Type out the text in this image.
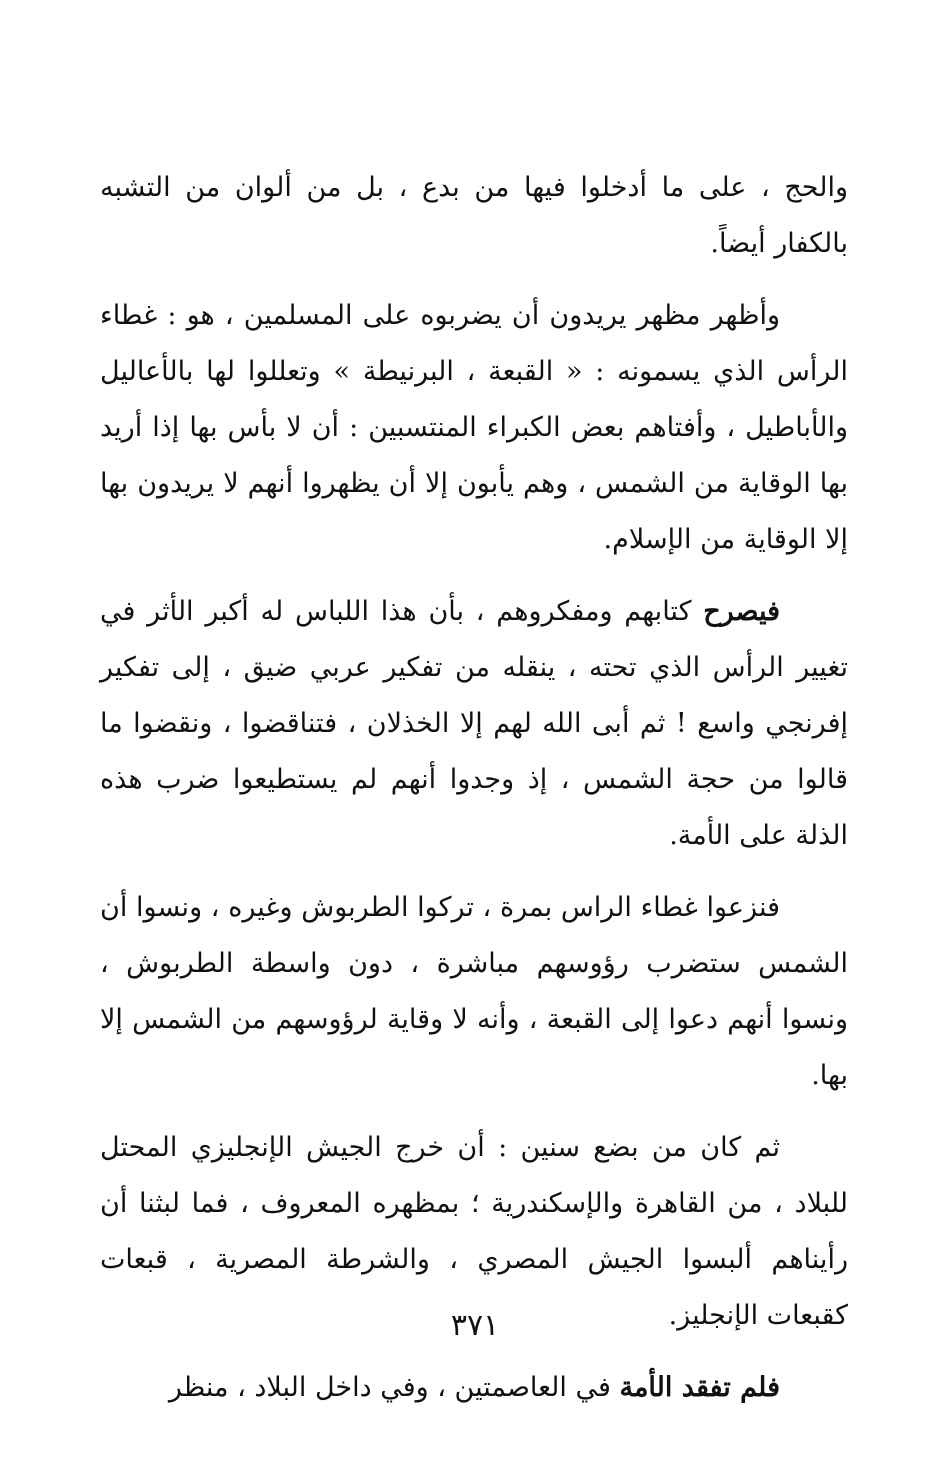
والحج ، على ما أدخلوا فيها من بدع ، بل من ألوان من التشبه بالكفار أيضاً.

وأظهر مظهر يريدون أن يضربوه على المسلمين ، هو : غطاء الرأس الذي يسمونه : « القبعة ، البرنيطة » وتعللوا لها بالأعاليل والأباطيل ، وأفتاهم بعض الكبراء المنتسبين : أن لا بأس بها إذا أريد بها الوقاية من الشمس ، وهم يأبون إلا أن يظهروا أنهم لا يريدون بها إلا الوقاية من الإسلام.

فيصرح كتابهم ومفكروهم ، بأن هذا اللباس له أكبر الأثر في تغيير الرأس الذي تحته ، ينقله من تفكير عربي ضيق ، إلى تفكير إفرنجي واسع ! ثم أبى الله لهم إلا الخذلان ، فتناقضوا ، ونقضوا ما قالوا من حجة الشمس ، إذ وجدوا أنهم لم يستطيعوا ضرب هذه الذلة على الأمة.

فنزعوا غطاء الراس بمرة ، تركوا الطربوش وغيره ، ونسوا أن الشمس ستضرب رؤوسهم مباشرة ، دون واسطة الطربوش ، ونسوا أنهم دعوا إلى القبعة ، وأنه لا وقاية لرؤوسهم من الشمس إلا بها.

ثم كان من بضع سنين : أن خرج الجيش الإنجليزي المحتل للبلاد ، من القاهرة والإسكندرية ؛ بمظهره المعروف ، فما لبثنا أن رأيناهم ألبسوا الجيش المصري ، والشرطة المصرية ، قبعات كقبعات الإنجليز.

فلم تفقد الأمة في العاصمتين ، وفي داخل البلاد ، منظر

٣٧١
